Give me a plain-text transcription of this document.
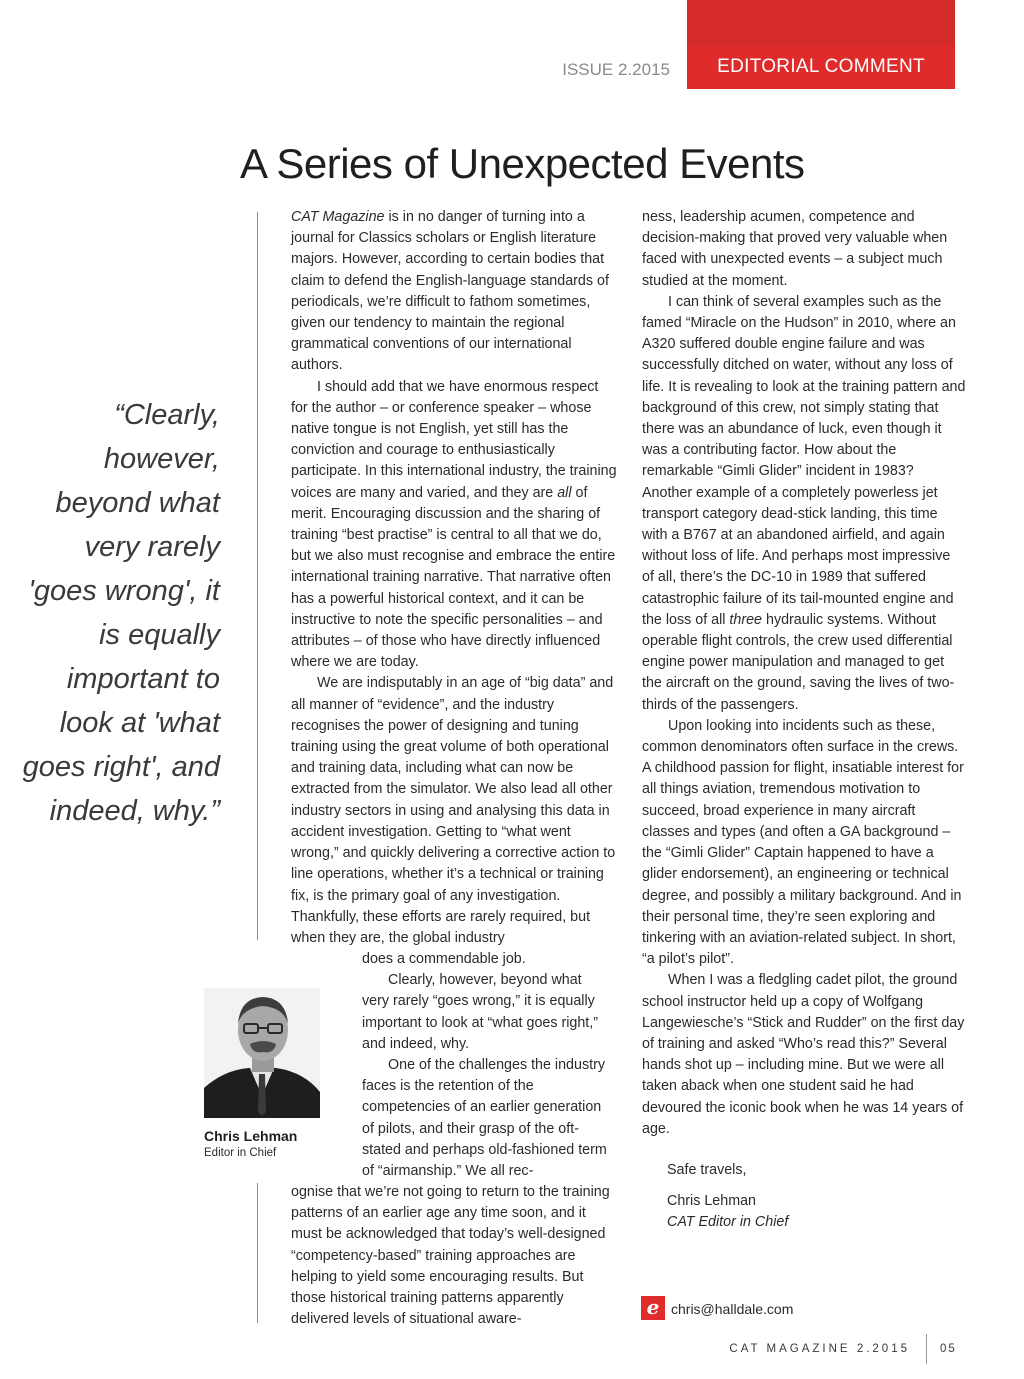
EDITORIAL COMMENT
ISSUE 2.2015
A Series of Unexpected Events
“Clearly, however, beyond what very rarely 'goes wrong', it is equally important to look at 'what goes right', and indeed, why.”

CAT Magazine is in no danger of turning into a journal for Classics scholars or English literature majors. However, according to certain bodies that claim to defend the English-language standards of periodicals, we’re difficult to fathom sometimes, given our tendency to maintain the regional grammatical conventions of our international authors.

I should add that we have enormous respect for the author – or conference speaker – whose native tongue is not English, yet still has the conviction and courage to enthusiastically participate. In this international industry, the training voices are many and varied, and they are all of merit. Encouraging discussion and the sharing of training “best practise” is central to all that we do, but we also must recognise and embrace the entire international training narrative. That narrative often has a powerful historical context, and it can be instructive to note the specific personalities – and attributes – of those who have directly influenced where we are today.

We are indisputably in an age of “big data” and all manner of “evidence”, and the industry recognises the power of designing and tuning training using the great volume of both operational and training data, including what can now be extracted from the simulator. We also lead all other industry sectors in using and analysing this data in accident investigation. Getting to “what went wrong,” and quickly delivering a corrective action to line operations, whether it’s a technical or training fix, is the primary goal of any investigation. Thankfully, these efforts are rarely required, but when they are, the global industry

does a commendable job.

Clearly, however, beyond what very rarely “goes wrong,” it is equally important to look at “what goes right,” and indeed, why.

One of the challenges the industry faces is the retention of the competencies of an earlier generation of pilots, and their grasp of the oft-stated and perhaps old-fashioned term of “airmanship.” We all rec-

ognise that we’re not going to return to the training patterns of an earlier age any time soon, and it must be acknowledged that today’s well-designed “competency-based” training approaches are helping to yield some encouraging results. But those historical training patterns apparently delivered levels of situational aware-

ness, leadership acumen, competence and decision-making that proved very valuable when faced with unexpected events – a subject much studied at the moment.

I can think of several examples such as the famed “Miracle on the Hudson” in 2010, where an A320 suffered double engine failure and was successfully ditched on water, without any loss of life. It is revealing to look at the training pattern and background of this crew, not simply stating that there was an abundance of luck, even though it was a contributing factor. How about the remarkable “Gimli Glider” incident in 1983? Another example of a completely powerless jet transport category dead-stick landing, this time with a B767 at an abandoned airfield, and again without loss of life. And perhaps most impressive of all, there’s the DC-10 in 1989 that suffered catastrophic failure of its tail-mounted engine and the loss of all three hydraulic systems. Without operable flight controls, the crew used differential engine power manipulation and managed to get the aircraft on the ground, saving the lives of two-thirds of the passengers.

Upon looking into incidents such as these, common denominators often surface in the crews. A childhood passion for flight, insatiable interest for all things aviation, tremendous motivation to succeed, broad experience in many aircraft classes and types (and often a GA background – the “Gimli Glider” Captain happened to have a glider endorsement), an engineering or technical degree, and possibly a military background. And in their personal time, they’re seen exploring and tinkering with an aviation-related subject. In short, “a pilot’s pilot”.

When I was a fledgling cadet pilot, the ground school instructor held up a copy of Wolfgang Langewiesche’s “Stick and Rudder” on the first day of training and asked “Who’s read this?” Several hands shot up – including mine. But we were all taken aback when one student said he had devoured the iconic book when he was 14 years of age.

Safe travels,

Chris Lehman

CAT Editor in Chief

Chris Lehman
Editor in Chief
e chris@halldale.com
CAT MAGAZINE 2.2015	05
